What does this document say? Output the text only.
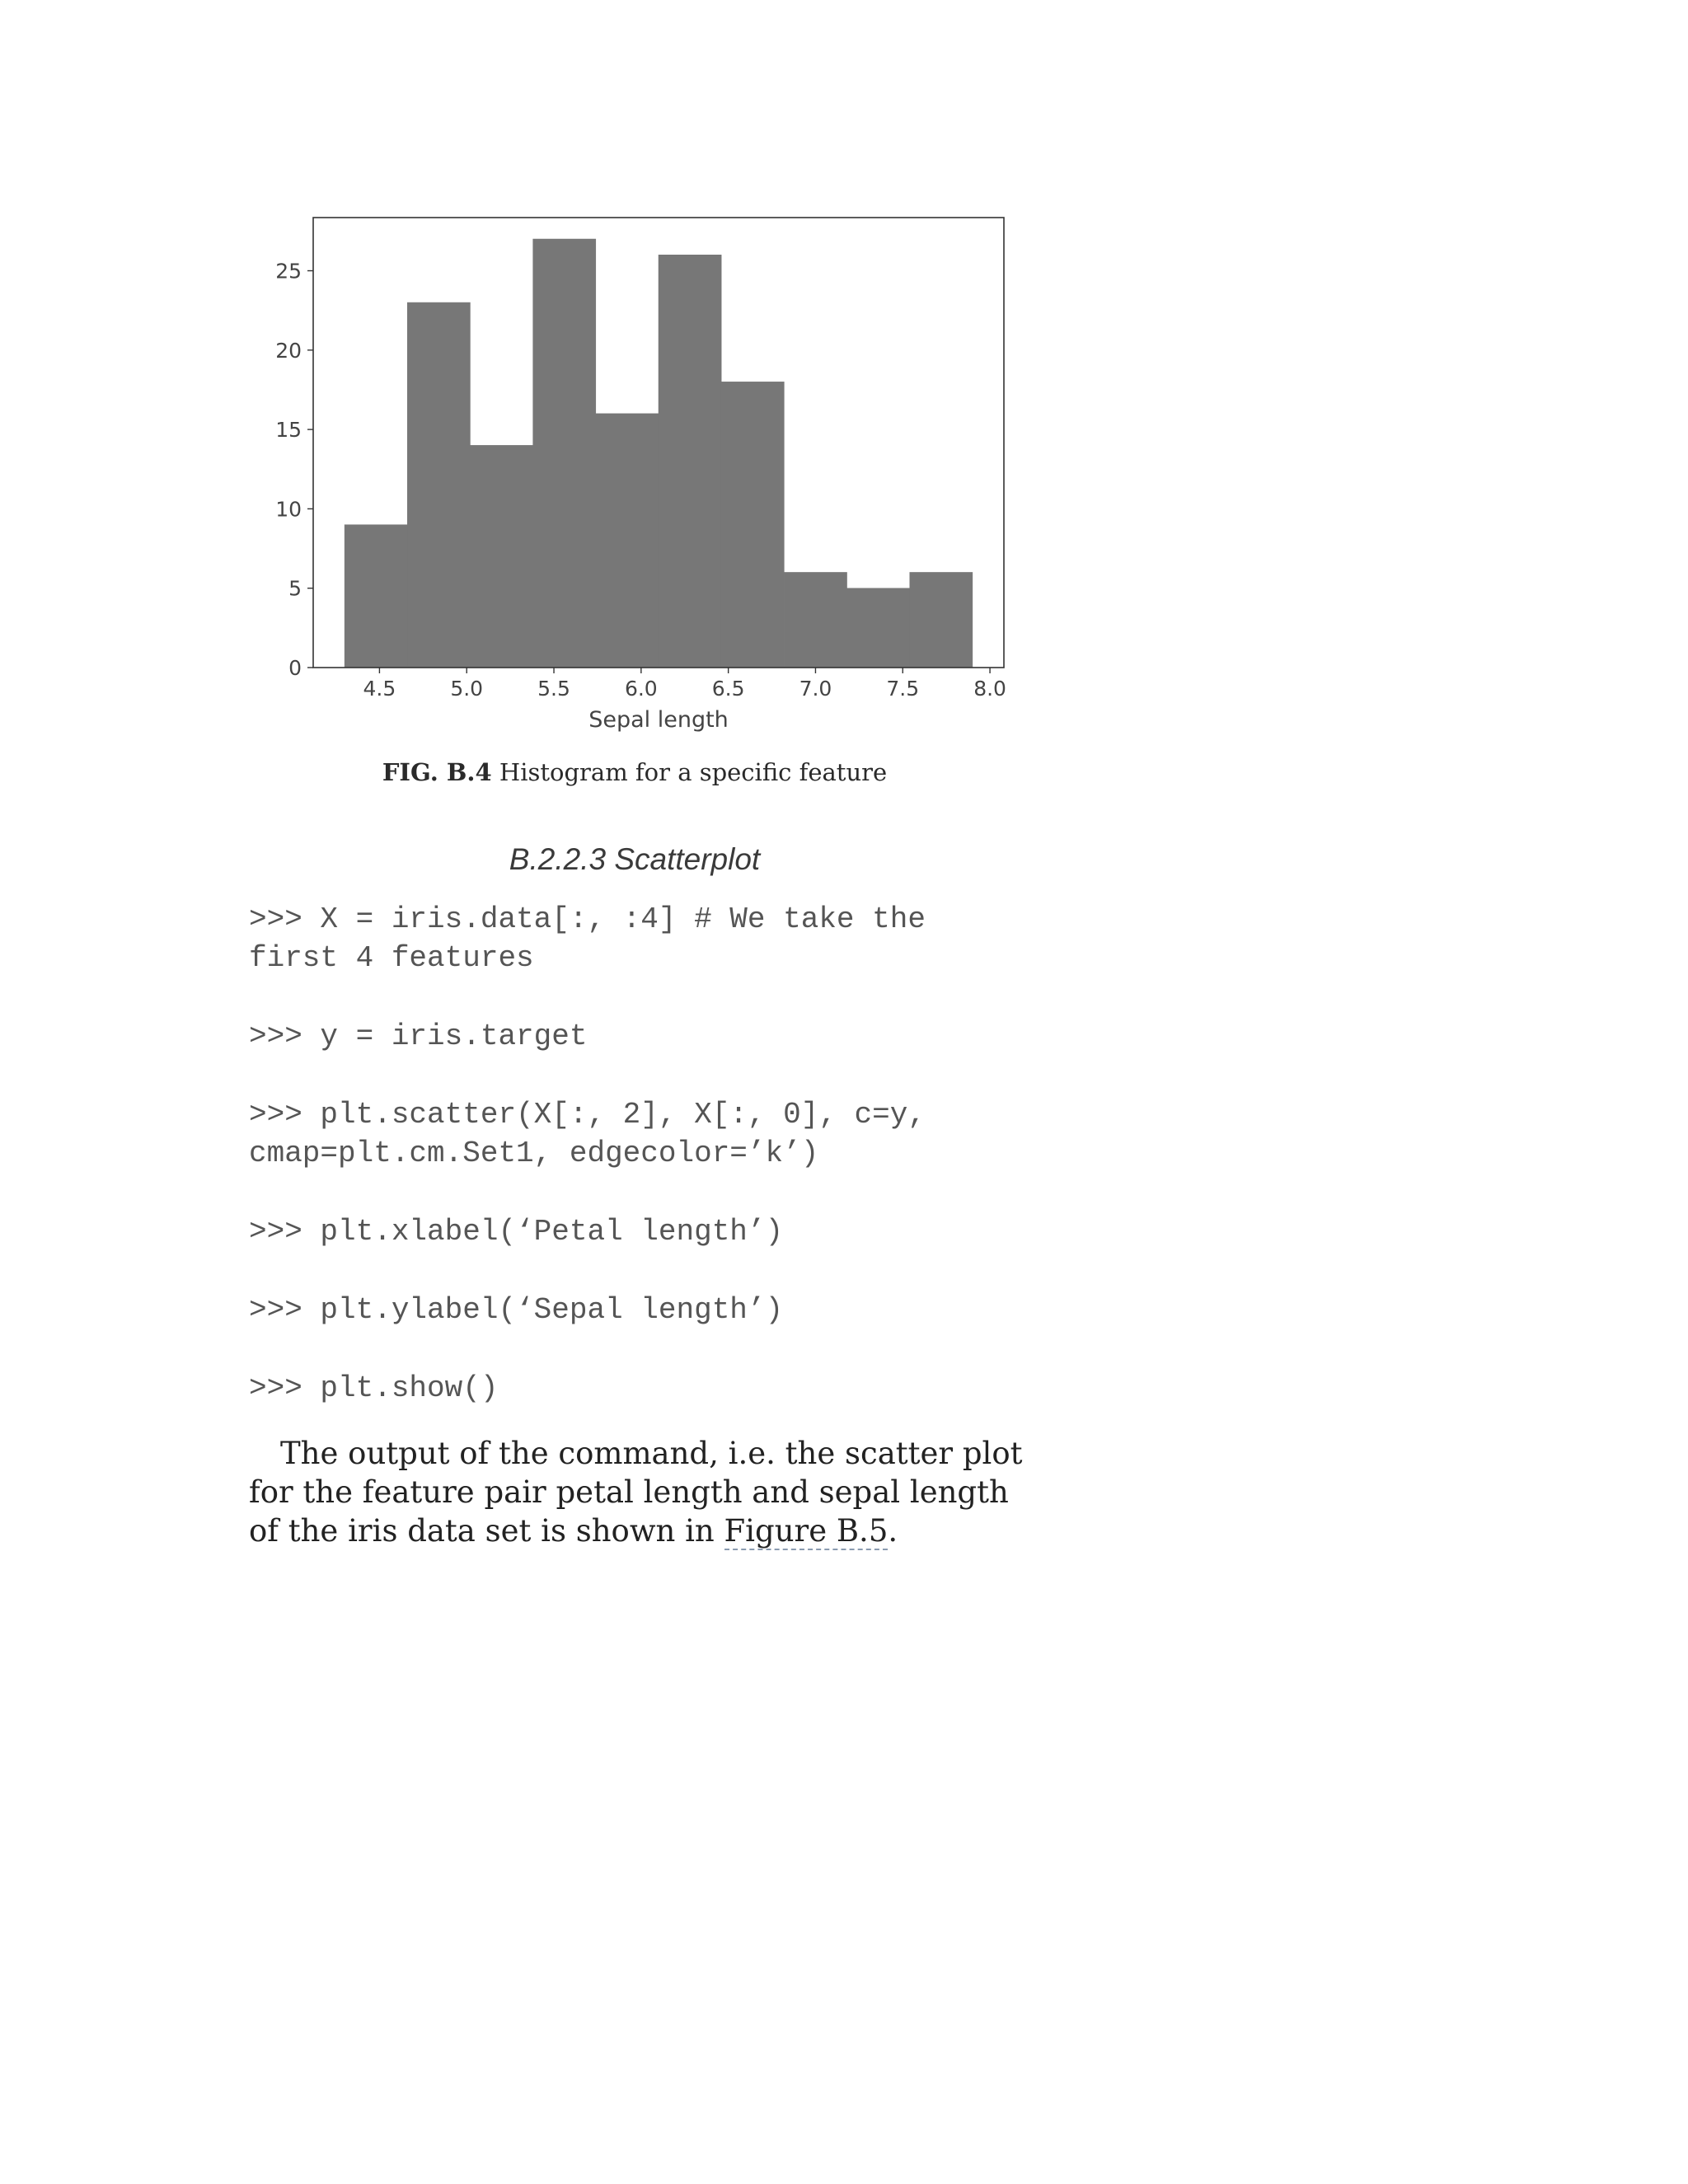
4.5	5.0	5.5	6.0	6.5	7.0	7.5	8.0
0
5
10
15
20
25
Sepal length
FIG. B.4 Histogram for a specific feature
B.2.2.3 Scatterplot
>>> X = iris.data[:, :4] # We take the first 4 features
>>> y = iris.target
>>> plt.scatter(X[:, 2], X[:, 0], c=y, cmap=plt.cm.Set1, edgecolor=’k’)
>>> plt.xlabel(‘Petal length’)
>>> plt.ylabel(‘Sepal length’)
>>> plt.show()
The output of the command, i.e. the scatter plot for the feature pair petal length and sepal length of the iris data set is shown in Figure B.5.
